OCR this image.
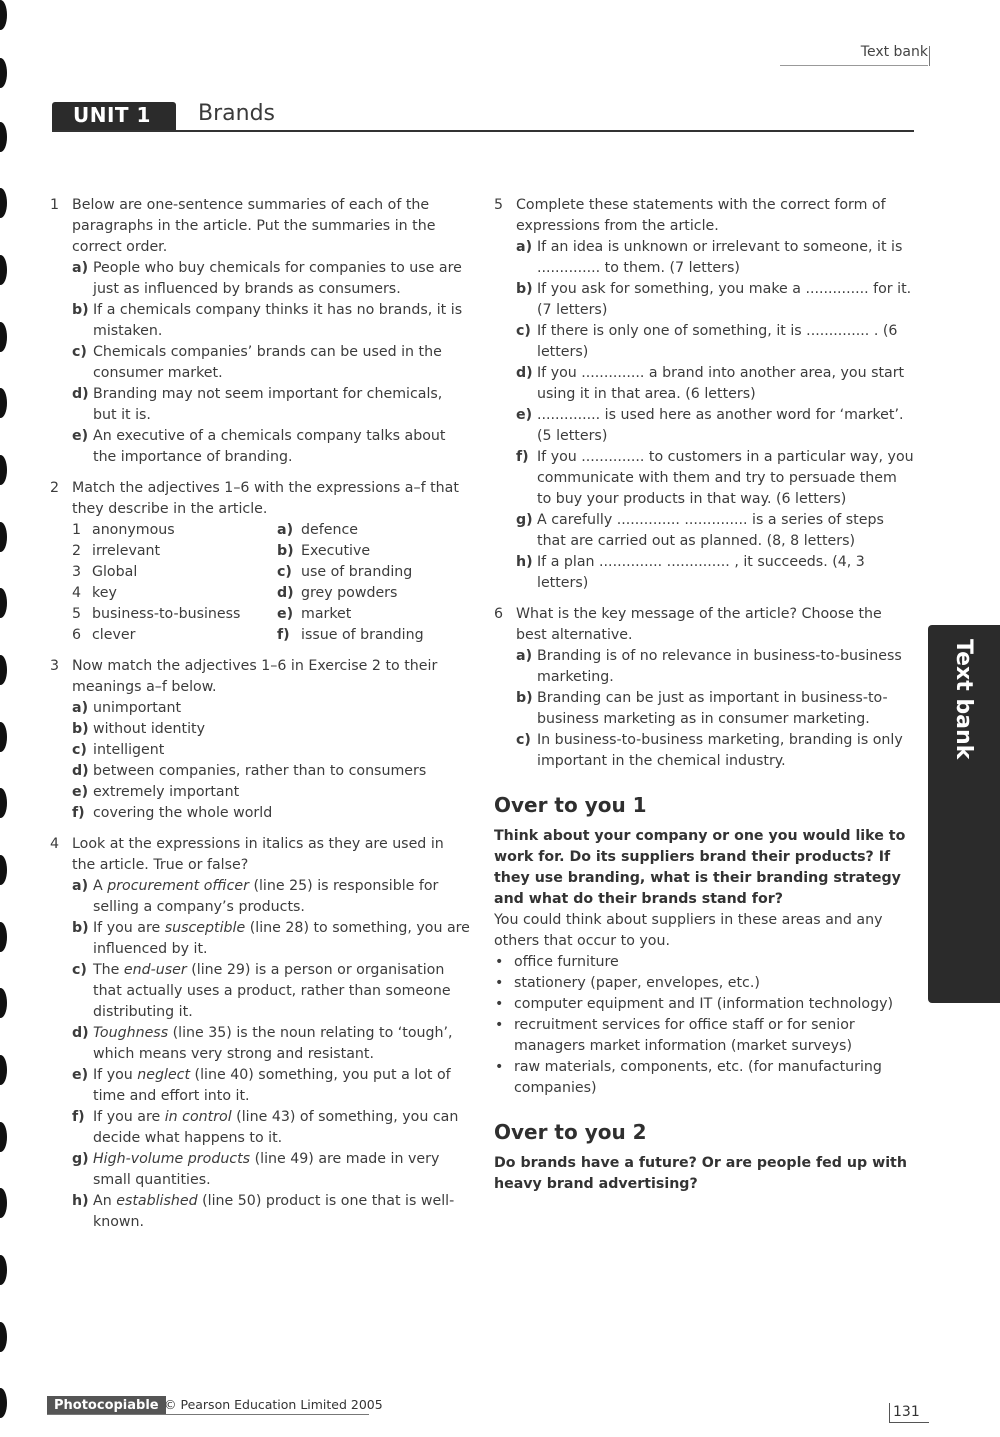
Text bank
UNIT 1 Brands
1 Below are one-sentence summaries of each of the paragraphs in the article. Put the summaries in the correct order.
a) People who buy chemicals for companies to use are just as influenced by brands as consumers.
b) If a chemicals company thinks it has no brands, it is mistaken.
c) Chemicals companies’ brands can be used in the consumer market.
d) Branding may not seem important for chemicals, but it is.
e) An executive of a chemicals company talks about the importance of branding.
2 Match the adjectives 1–6 with the expressions a–f that they describe in the article.
1 anonymous	a) defence
2 irrelevant	b) Executive
3 Global	c) use of branding
4 key	d) grey powders
5 business-to-business	e) market
6 clever	f) issue of branding
3 Now match the adjectives 1–6 in Exercise 2 to their meanings a–f below.
a) unimportant
b) without identity
c) intelligent
d) between companies, rather than to consumers
e) extremely important
f) covering the whole world
4 Look at the expressions in italics as they are used in the article. True or false?
a) A procurement officer (line 25) is responsible for selling a company’s products.
b) If you are susceptible (line 28) to something, you are influenced by it.
c) The end-user (line 29) is a person or organisation that actually uses a product, rather than someone distributing it.
d) Toughness (line 35) is the noun relating to ‘tough’, which means very strong and resistant.
e) If you neglect (line 40) something, you put a lot of time and effort into it.
f) If you are in control (line 43) of something, you can decide what happens to it.
g) High-volume products (line 49) are made in very small quantities.
h) An established (line 50) product is one that is well-known.
5 Complete these statements with the correct form of expressions from the article.
a) If an idea is unknown or irrelevant to someone, it is .............. to them. (7 letters)
b) If you ask for something, you make a .............. for it. (7 letters)
c) If there is only one of something, it is .............. . (6 letters)
d) If you .............. a brand into another area, you start using it in that area. (6 letters)
e) .............. is used here as another word for ‘market’. (5 letters)
f) If you .............. to customers in a particular way, you communicate with them and try to persuade them to buy your products in that way. (6 letters)
g) A carefully .............. .............. is a series of steps that are carried out as planned. (8, 8 letters)
h) If a plan .............. .............. , it succeeds. (4, 3 letters)
6 What is the key message of the article? Choose the best alternative.
a) Branding is of no relevance in business-to-business marketing.
b) Branding can be just as important in business-to-business marketing as in consumer marketing.
c) In business-to-business marketing, branding is only important in the chemical industry.
Over to you 1
Think about your company or one you would like to work for. Do its suppliers brand their products? If they use branding, what is their branding strategy and what do their brands stand for?
You could think about suppliers in these areas and any others that occur to you.
• office furniture
• stationery (paper, envelopes, etc.)
• computer equipment and IT (information technology)
• recruitment services for office staff or for senior managers market information (market surveys)
• raw materials, components, etc. (for manufacturing companies)
Over to you 2
Do brands have a future? Or are people fed up with heavy brand advertising?
Text bank
Photocopiable © Pearson Education Limited 2005	131
